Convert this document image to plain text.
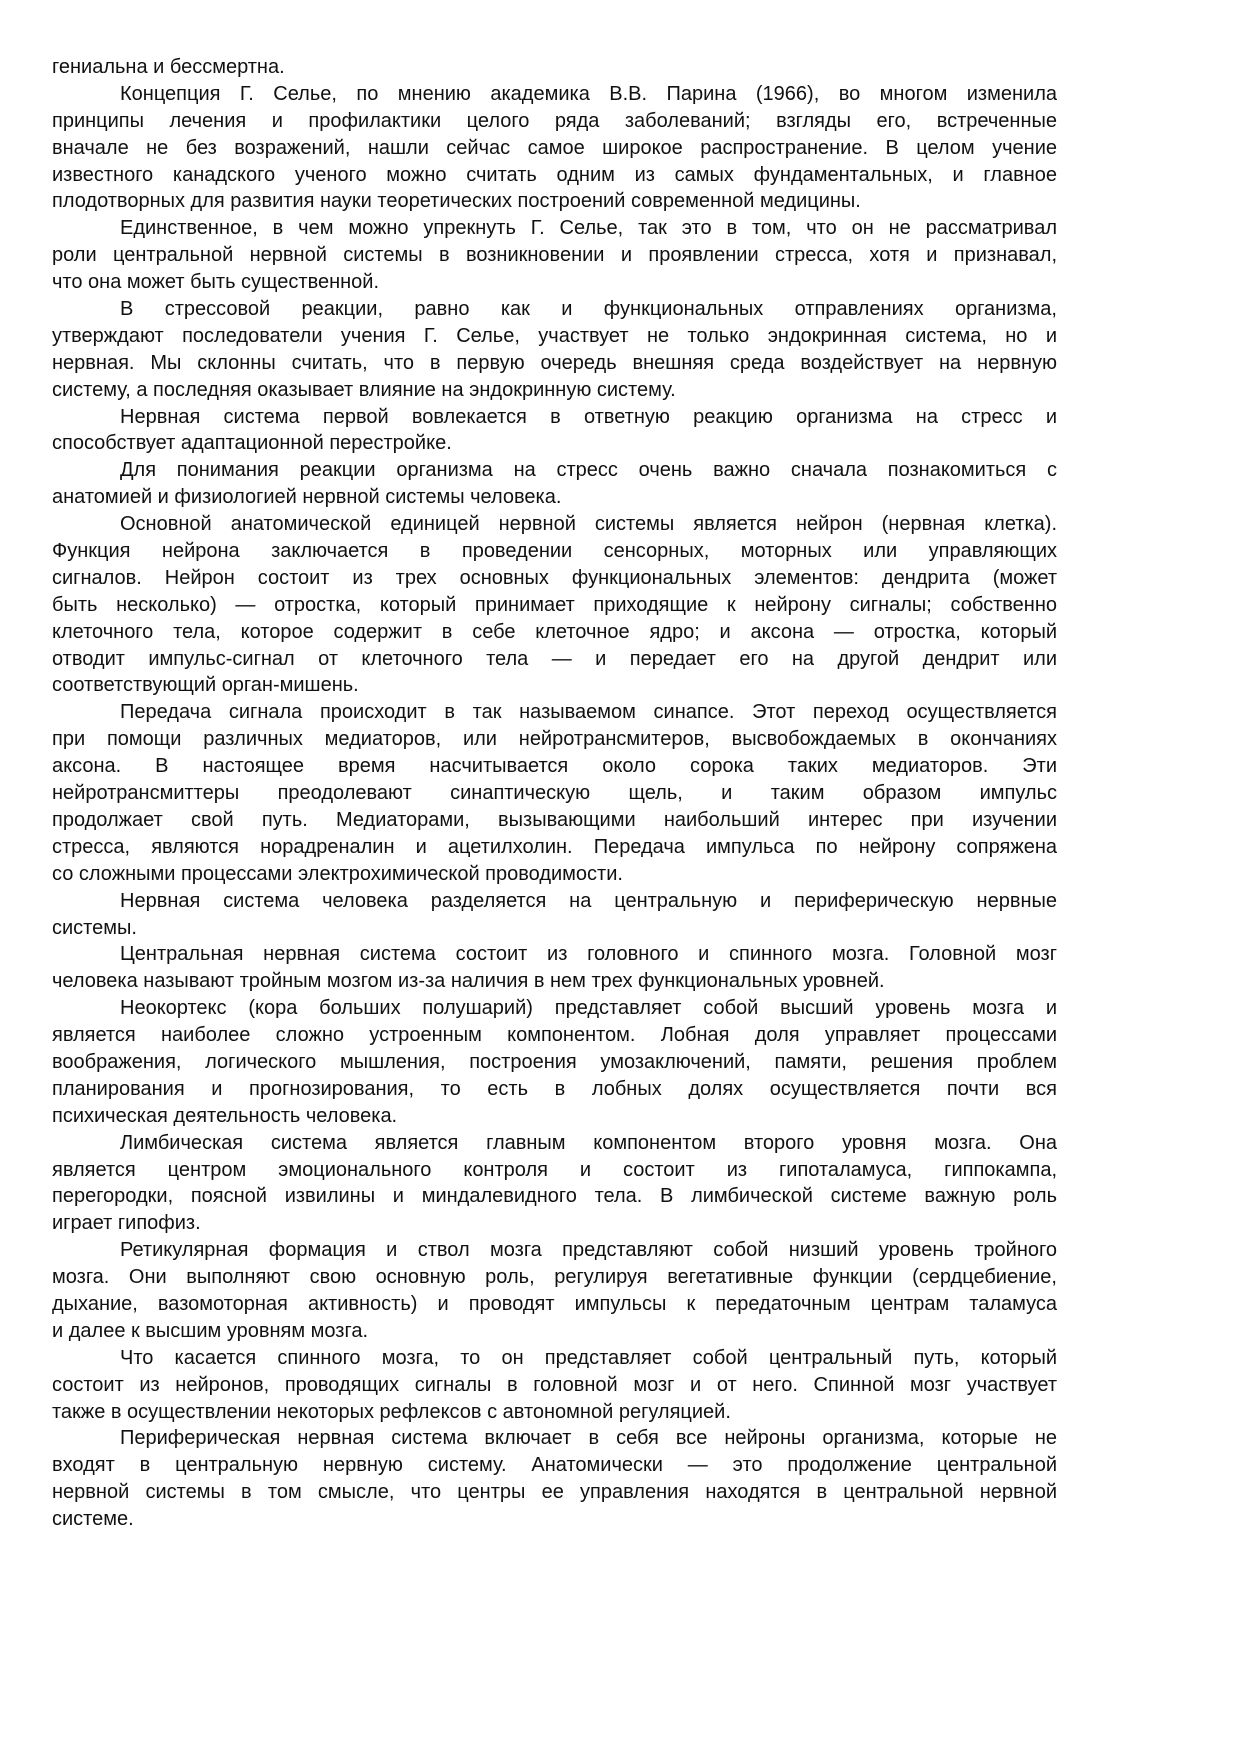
гениальна и бессмертна.
Концепция Г. Селье, по мнению академика В.В. Парина (1966), во многом изменила
принципы лечения и профилактики целого ряда заболеваний; взгляды его, встреченные
вначале не без возражений, нашли сейчас самое широкое распространение. В целом учение
известного канадского ученого можно считать одним из самых фундаментальных, и главное
плодотворных для развития науки теоретических построений современной медицины.
Единственное, в чем можно упрекнуть Г. Селье, так это в том, что он не рассматривал
роли центральной нервной системы в возникновении и проявлении стресса, хотя и признавал,
что она может быть существенной.
В стрессовой реакции, равно как и функциональных отправлениях организма,
утверждают последователи учения Г. Селье, участвует не только эндокринная система, но и
нервная. Мы склонны считать, что в первую очередь внешняя среда воздействует на нервную
систему, а последняя оказывает влияние на эндокринную систему.
Нервная система первой вовлекается в ответную реакцию организма на стресс и
способствует адаптационной перестройке.
Для понимания реакции организма на стресс очень важно сначала познакомиться с
анатомией и физиологией нервной системы человека.
Основной анатомической единицей нервной системы является нейрон (нервная клетка).
Функция нейрона заключается в проведении сенсорных, моторных или управляющих
сигналов. Нейрон состоит из трех основных функциональных элементов: дендрита (может
быть несколько) — отростка, который принимает приходящие к нейрону сигналы; собственно
клеточного тела, которое содержит в себе клеточное ядро; и аксона — отростка, который
отводит импульс-сигнал от клеточного тела — и передает его на другой дендрит или
соответствующий орган-мишень.
Передача сигнала происходит в так называемом синапсе. Этот переход осуществляется
при помощи различных медиаторов, или нейротрансмитеров, высвобождаемых в окончаниях
аксона. В настоящее время насчитывается около сорока таких медиаторов. Эти
нейротрансмиттеры преодолевают синаптическую щель, и таким образом импульс
продолжает свой путь. Медиаторами, вызывающими наибольший интерес при изучении
стресса, являются норадреналин и ацетилхолин. Передача импульса по нейрону сопряжена
со сложными процессами электрохимической проводимости.
Нервная система человека разделяется на центральную и периферическую нервные
системы.
Центральная нервная система состоит из головного и спинного мозга. Головной мозг
человека называют тройным мозгом из-за наличия в нем трех функциональных уровней.
Неокортекс (кора больших полушарий) представляет собой высший уровень мозга и
является наиболее сложно устроенным компонентом. Лобная доля управляет процессами
воображения, логического мышления, построения умозаключений, памяти, решения проблем
планирования и прогнозирования, то есть в лобных долях осуществляется почти вся
психическая деятельность человека.
Лимбическая система является главным компонентом второго уровня мозга. Она
является центром эмоционального контроля и состоит из гипоталамуса, гиппокампа,
перегородки, поясной извилины и миндалевидного тела. В лимбической системе важную роль
играет гипофиз.
Ретикулярная формация и ствол мозга представляют собой низший уровень тройного
мозга. Они выполняют свою основную роль, регулируя вегетативные функции (сердцебиение,
дыхание, вазомоторная активность) и проводят импульсы к передаточным центрам таламуса
и далее к высшим уровням мозга.
Что касается спинного мозга, то он представляет собой центральный путь, который
состоит из нейронов, проводящих сигналы в головной мозг и от него. Спинной мозг участвует
также в осуществлении некоторых рефлексов с автономной регуляцией.
Периферическая нервная система включает в себя все нейроны организма, которые не
входят в центральную нервную систему. Анатомически — это продолжение центральной
нервной системы в том смысле, что центры ее управления находятся в центральной нервной
системе.
